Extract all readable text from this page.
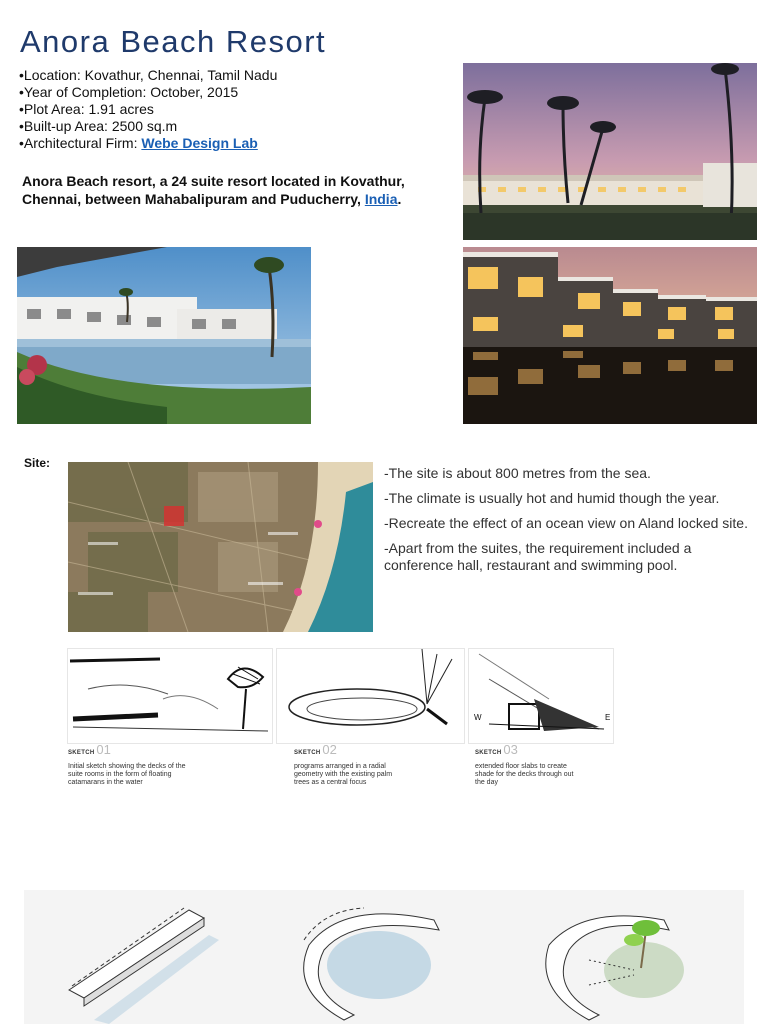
Anora Beach Resort
•Location: Kovathur, Chennai, Tamil Nadu
•Year of Completion: October, 2015
•Plot Area: 1.91 acres
•Built-up Area: 2500 sq.m
•Architectural Firm: Webe Design Lab
Anora Beach resort, a 24 suite resort located in Kovathur, Chennai, between Mahabalipuram and Puducherry, India.
Site:

-The site is about 800 metres from the sea.

-The climate is usually hot and humid though the year.

-Recreate the effect of an ocean view on Aland locked site.

-Apart from the suites, the requirement included a conference hall, restaurant and swimming pool.

W	E
SKETCH 01
Initial sketch showing the decks of the suite rooms in the form of floating catamarans in the water
SKETCH 02
programs arranged in a radial geometry with the existing palm trees as a central focus
SKETCH 03
extended floor slabs to create shade for the decks through out the day
